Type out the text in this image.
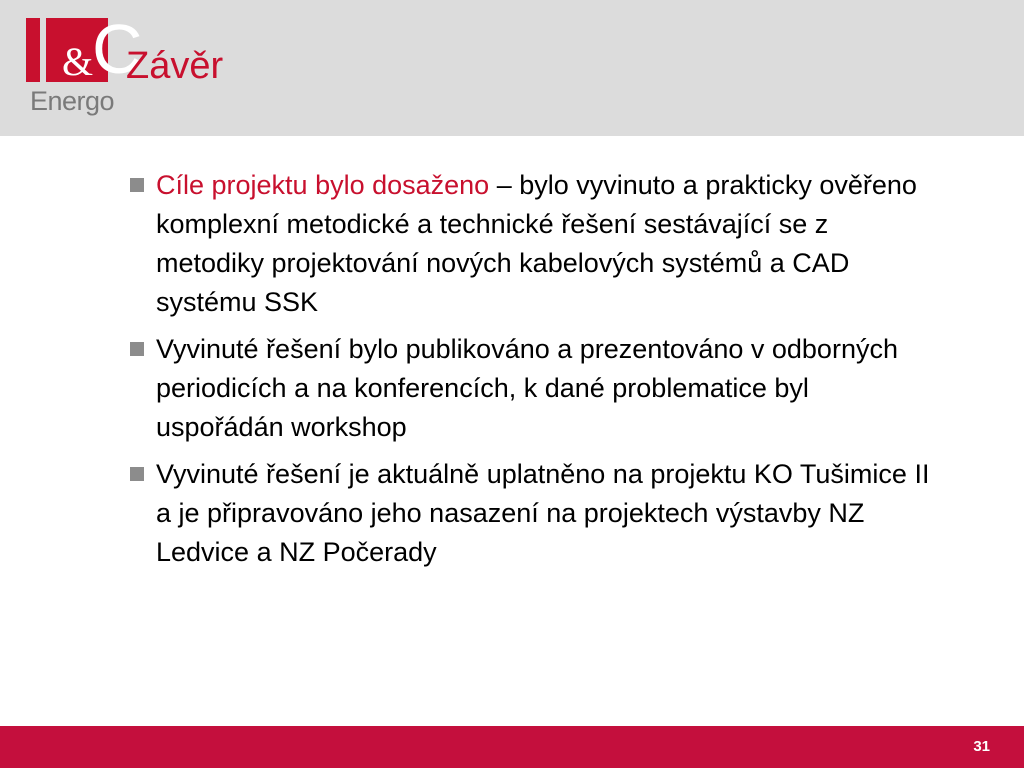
&
C
Energo
Závěr
Cíle projektu bylo dosaženo – bylo vyvinuto a prakticky ověřeno komplexní metodické a technické řešení sestávající se z metodiky projektování nových kabelových systémů a CAD systému SSK
Vyvinuté řešení bylo publikováno a prezentováno v odborných periodicích a na konferencích, k dané problematice byl uspořádán workshop
Vyvinuté řešení je aktuálně uplatněno na projektu KO Tušimice II a je připravováno jeho nasazení na projektech výstavby NZ Ledvice a NZ Počerady
31
